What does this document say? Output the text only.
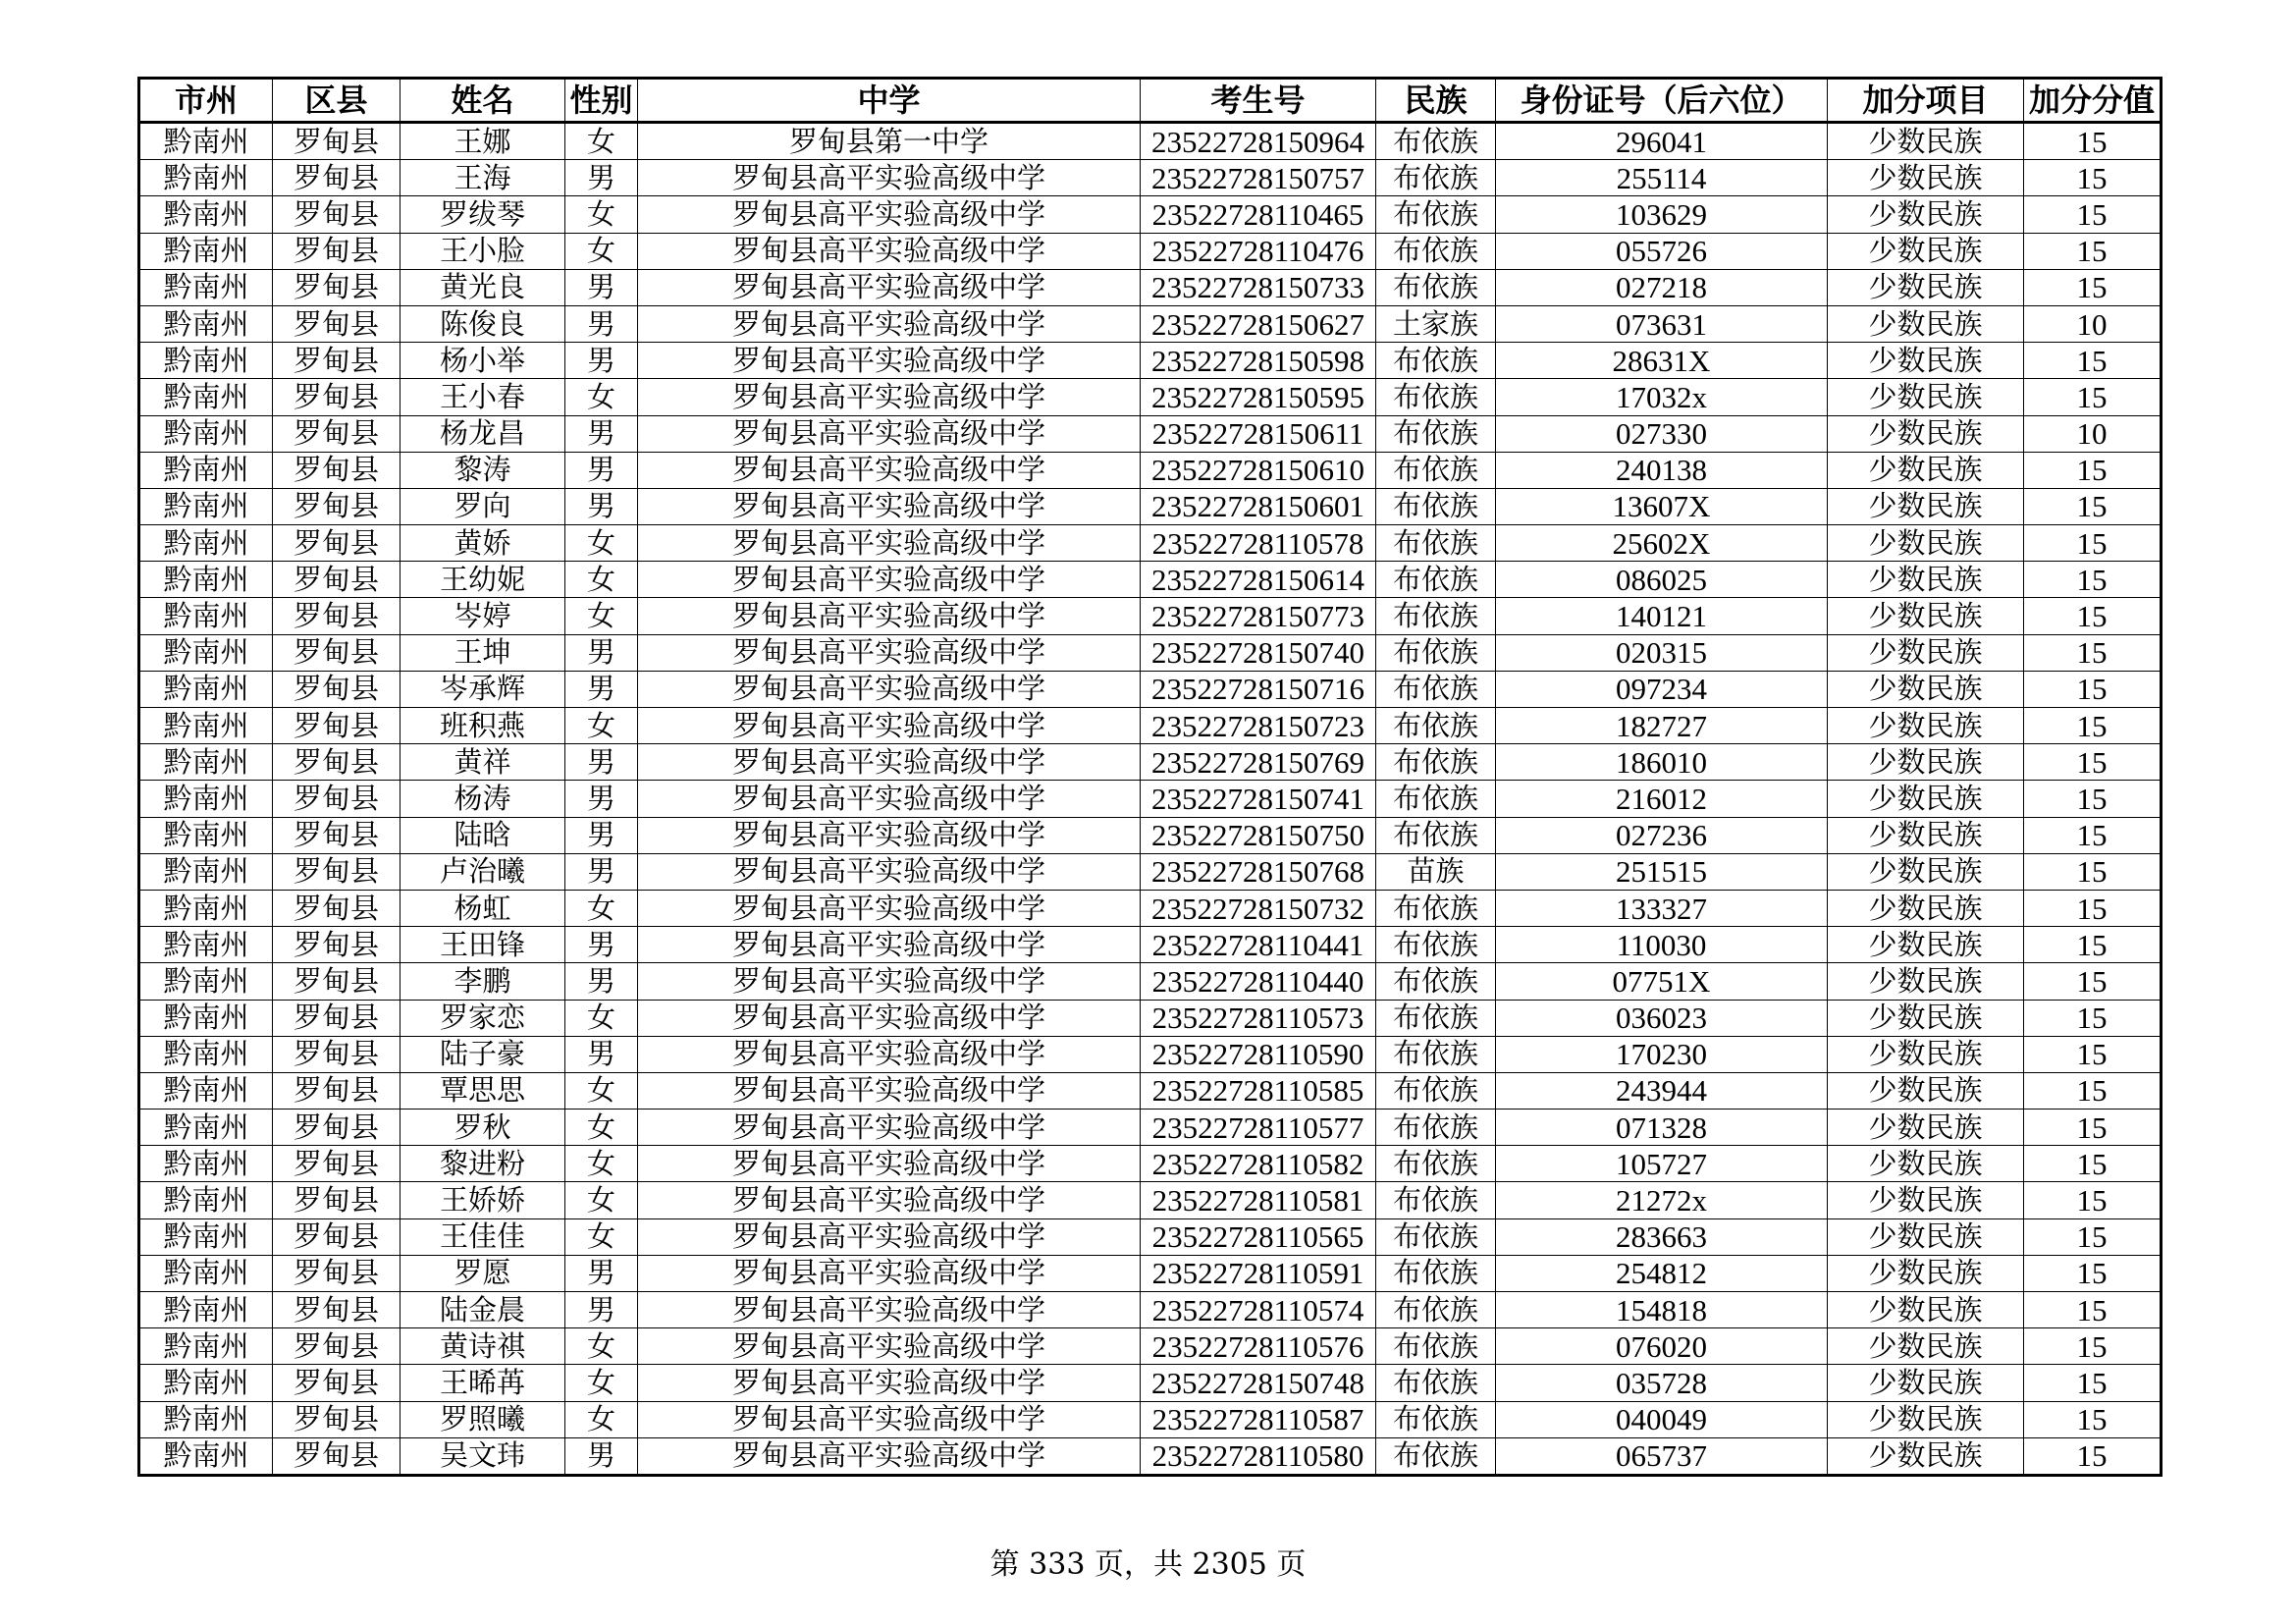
市州	区县	姓名	性别	中学	考生号	民族	身份证号（后六位）	加分项目	加分分值
黔南州	罗甸县	王娜	女	罗甸县第一中学	23522728150964	布依族	296041	少数民族	15
黔南州	罗甸县	王海	男	罗甸县高平实验高级中学	23522728150757	布依族	255114	少数民族	15
黔南州	罗甸县	罗绂琴	女	罗甸县高平实验高级中学	23522728110465	布依族	103629	少数民族	15
黔南州	罗甸县	王小脸	女	罗甸县高平实验高级中学	23522728110476	布依族	055726	少数民族	15
黔南州	罗甸县	黄光良	男	罗甸县高平实验高级中学	23522728150733	布依族	027218	少数民族	15
黔南州	罗甸县	陈俊良	男	罗甸县高平实验高级中学	23522728150627	土家族	073631	少数民族	10
黔南州	罗甸县	杨小举	男	罗甸县高平实验高级中学	23522728150598	布依族	28631X	少数民族	15
黔南州	罗甸县	王小春	女	罗甸县高平实验高级中学	23522728150595	布依族	17032x	少数民族	15
黔南州	罗甸县	杨龙昌	男	罗甸县高平实验高级中学	23522728150611	布依族	027330	少数民族	10
黔南州	罗甸县	黎涛	男	罗甸县高平实验高级中学	23522728150610	布依族	240138	少数民族	15
黔南州	罗甸县	罗向	男	罗甸县高平实验高级中学	23522728150601	布依族	13607X	少数民族	15
黔南州	罗甸县	黄娇	女	罗甸县高平实验高级中学	23522728110578	布依族	25602X	少数民族	15
黔南州	罗甸县	王幼妮	女	罗甸县高平实验高级中学	23522728150614	布依族	086025	少数民族	15
黔南州	罗甸县	岑婷	女	罗甸县高平实验高级中学	23522728150773	布依族	140121	少数民族	15
黔南州	罗甸县	王坤	男	罗甸县高平实验高级中学	23522728150740	布依族	020315	少数民族	15
黔南州	罗甸县	岑承辉	男	罗甸县高平实验高级中学	23522728150716	布依族	097234	少数民族	15
黔南州	罗甸县	班积燕	女	罗甸县高平实验高级中学	23522728150723	布依族	182727	少数民族	15
黔南州	罗甸县	黄祥	男	罗甸县高平实验高级中学	23522728150769	布依族	186010	少数民族	15
黔南州	罗甸县	杨涛	男	罗甸县高平实验高级中学	23522728150741	布依族	216012	少数民族	15
黔南州	罗甸县	陆晗	男	罗甸县高平实验高级中学	23522728150750	布依族	027236	少数民族	15
黔南州	罗甸县	卢治曦	男	罗甸县高平实验高级中学	23522728150768	苗族	251515	少数民族	15
黔南州	罗甸县	杨虹	女	罗甸县高平实验高级中学	23522728150732	布依族	133327	少数民族	15
黔南州	罗甸县	王田锋	男	罗甸县高平实验高级中学	23522728110441	布依族	110030	少数民族	15
黔南州	罗甸县	李鹏	男	罗甸县高平实验高级中学	23522728110440	布依族	07751X	少数民族	15
黔南州	罗甸县	罗家恋	女	罗甸县高平实验高级中学	23522728110573	布依族	036023	少数民族	15
黔南州	罗甸县	陆子豪	男	罗甸县高平实验高级中学	23522728110590	布依族	170230	少数民族	15
黔南州	罗甸县	覃思思	女	罗甸县高平实验高级中学	23522728110585	布依族	243944	少数民族	15
黔南州	罗甸县	罗秋	女	罗甸县高平实验高级中学	23522728110577	布依族	071328	少数民族	15
黔南州	罗甸县	黎进粉	女	罗甸县高平实验高级中学	23522728110582	布依族	105727	少数民族	15
黔南州	罗甸县	王娇娇	女	罗甸县高平实验高级中学	23522728110581	布依族	21272x	少数民族	15
黔南州	罗甸县	王佳佳	女	罗甸县高平实验高级中学	23522728110565	布依族	283663	少数民族	15
黔南州	罗甸县	罗愿	男	罗甸县高平实验高级中学	23522728110591	布依族	254812	少数民族	15
黔南州	罗甸县	陆金晨	男	罗甸县高平实验高级中学	23522728110574	布依族	154818	少数民族	15
黔南州	罗甸县	黄诗祺	女	罗甸县高平实验高级中学	23522728110576	布依族	076020	少数民族	15
黔南州	罗甸县	王晞苒	女	罗甸县高平实验高级中学	23522728150748	布依族	035728	少数民族	15
黔南州	罗甸县	罗照曦	女	罗甸县高平实验高级中学	23522728110587	布依族	040049	少数民族	15
黔南州	罗甸县	吴文玮	男	罗甸县高平实验高级中学	23522728110580	布依族	065737	少数民族	15
第 333 页，共 2305 页
